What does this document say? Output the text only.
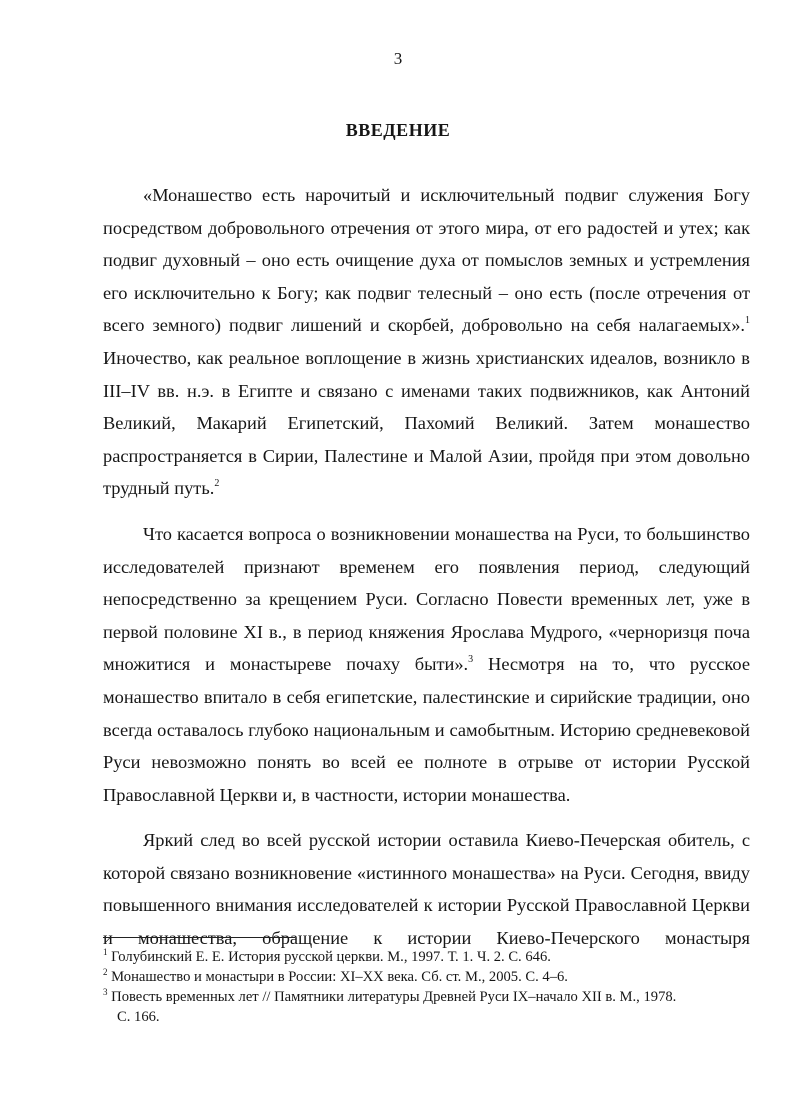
3
ВВЕДЕНИЕ

«Монашество есть нарочитый и исключительный подвиг служения Богу посредством добровольного отречения от этого мира, от его радостей и утех; как подвиг духовный – оно есть очищение духа от помыслов земных и устремления его исключительно к Богу; как подвиг телесный – оно есть (после отречения от всего земного) подвиг лишений и скорбей, добровольно на себя налагаемых».$^1$ Иночество, как реальное воплощение в жизнь христианских идеалов, возникло в III–IV вв. н.э. в Египте и связано с именами таких подвижников, как Антоний Великий, Макарий Египетский, Пахомий Великий. Затем монашество распространяется в Сирии, Палестине и Малой Азии, пройдя при этом довольно трудный путь.$^2$

Что касается вопроса о возникновении монашества на Руси, то большинство исследователей признают временем его появления период, следующий непосредственно за крещением Руси. Согласно Повести временных лет, уже в первой половине XI в., в период княжения Ярослава Мудрого, «черноризця поча множитися и монастыреве почаху быти».$^3$ Несмотря на то, что русское монашество впитало в себя египетские, палестинские и сирийские традиции, оно всегда оставалось глубоко национальным и самобытным. Историю средневековой Руси невозможно понять во всей ее полноте в отрыве от истории Русской Православной Церкви и, в частности, истории монашества.

Яркий след во всей русской истории оставила Киево-Печерская обитель, с которой связано возникновение «истинного монашества» на Руси. Сегодня, ввиду повышенного внимания исследователей к истории Русской Православной Церкви и монашества, обращение к истории Киево-Печерского монастыря

$^1$ Голубинский Е. Е. История русской церкви. М., 1997. Т. 1. Ч. 2. С. 646.

$^2$ Монашество и монастыри в России: XI–XX века. Сб. ст. М., 2005. С. 4–6.

$^3$ Повесть временных лет // Памятники литературы Древней Руси IX–начало XII в. М., 1978.

С. 166.
